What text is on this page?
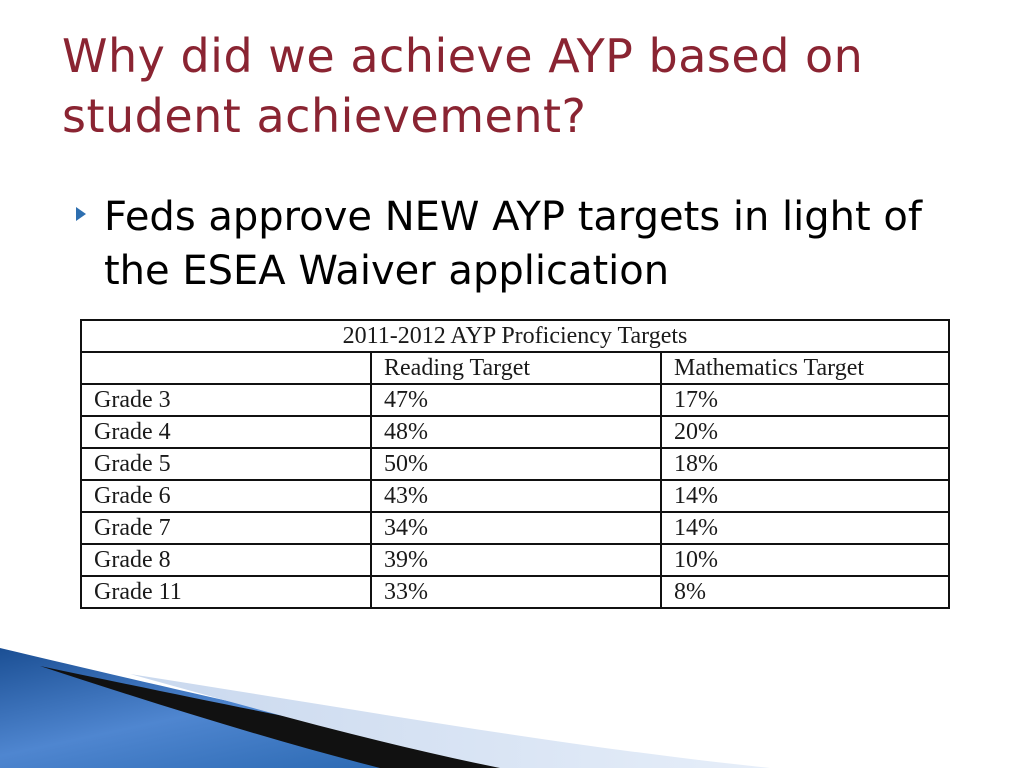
Why did we achieve AYP based on student achievement?
Feds approve NEW AYP targets in light of the ESEA Waiver application
2011-2012 AYP Proficiency Targets		
	Reading Target	Mathematics Target
Grade 3	47%	17%
Grade 4	48%	20%
Grade 5	50%	18%
Grade 6	43%	14%
Grade 7	34%	14%
Grade 8	39%	10%
Grade 11	33%	8%
